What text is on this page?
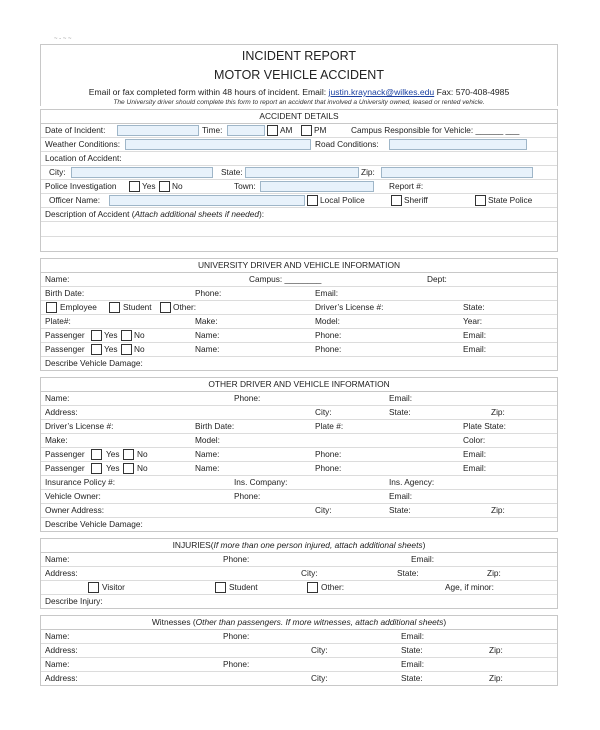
~ - ~ ~
INCIDENT REPORT
MOTOR VEHICLE ACCIDENT
Email or fax completed form within 48 hours of incident. Email: justin.kraynack@wilkes.edu Fax: 570-408-4985
The University driver should complete this form to report an accident that involved a University owned, leased or rented vehicle.
ACCIDENT DETAILS
Date of Incident:	Time:	AM	PM	Campus Responsible for Vehicle: ______ ___
Weather Conditions:	Road Conditions:
Location of Accident:
City:	State:	Zip:
Police Investigation	Yes No	Town:	Report #:
Officer Name:	Local Police	Sheriff	State Police
Description of Accident (Attach additional sheets if needed):
UNIVERSITY DRIVER AND VEHICLE INFORMATION
Name:	Campus: ________	Dept:
Birth Date:	Phone:	Email:
Employee	Student	Other:	Driver’s License #:	State:
Plate#:	Make:	Model:	Year:
Passenger Yes No	Name:	Phone:	Email:
Passenger Yes No	Name:	Phone:	Email:
Describe Vehicle Damage:
OTHER DRIVER AND VEHICLE INFORMATION
Name:	Phone:	Email:
Address:	City:	State:	Zip:
Driver’s License #:	Birth Date:	Plate #:	Plate State:
Make:	Model:	Color:
Passenger	Yes No	Name:	Phone:	Email:
Passenger	Yes No	Name:	Phone:	Email:
Insurance Policy #:	Ins. Company:	Ins. Agency:
Vehicle Owner:	Phone:	Email:
Owner Address:	City:	State:	Zip:
Describe Vehicle Damage:
INJURIES(If more than one person injured, attach additional sheets)
Name:	Phone:	Email:
Address:	City:	State:	Zip:
Visitor	Student	Other:	Age, if minor:
Describe Injury:
Witnesses (Other than passengers. If more witnesses, attach additional sheets)
Name:	Phone:	Email:
Address:	City:	State:	Zip:
Name:	Phone:	Email:
Address:	City:	State:	Zip:
